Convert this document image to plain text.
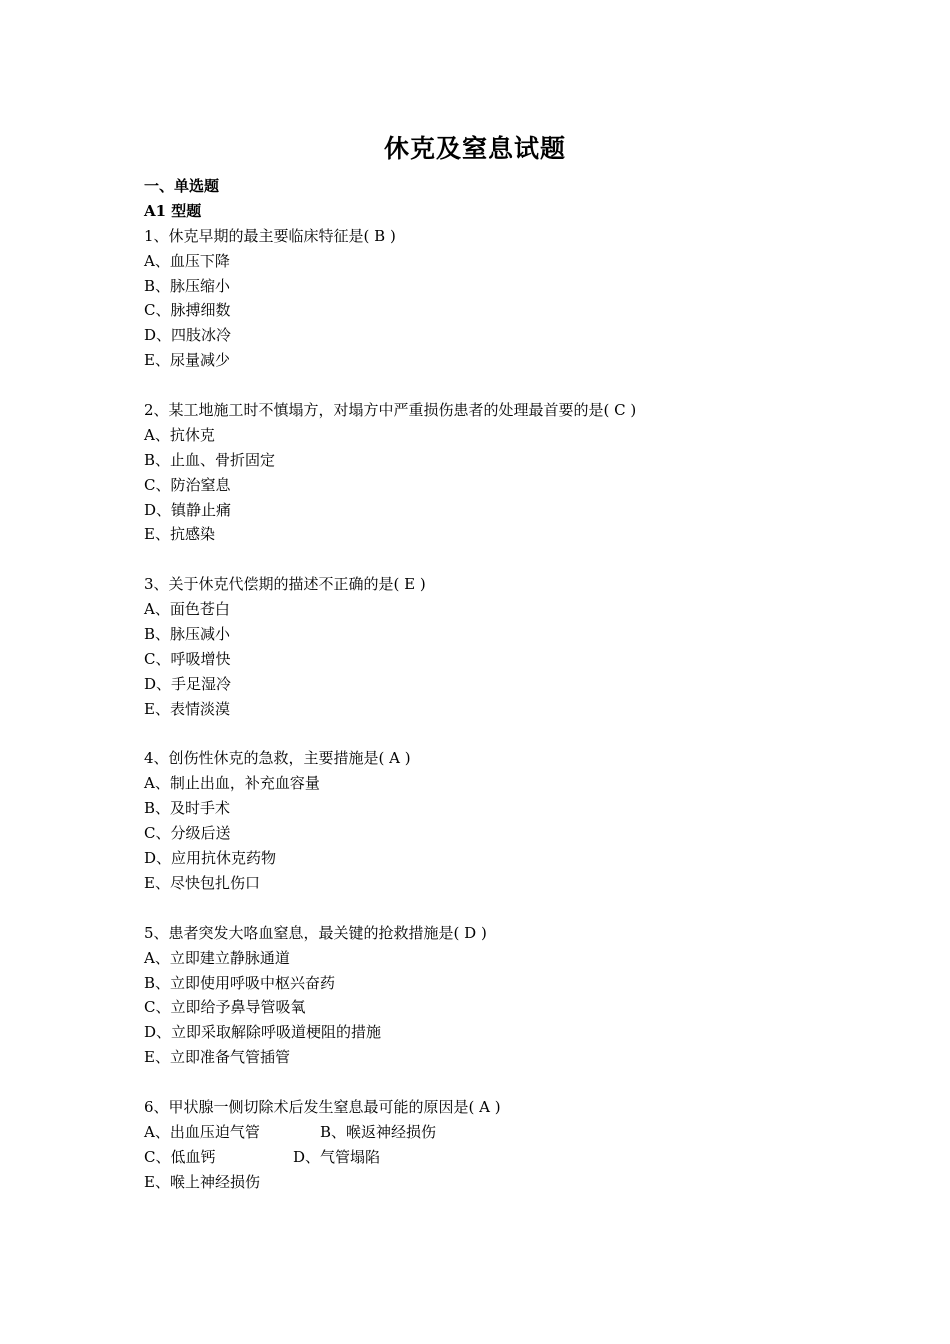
休克及窒息试题
一、单选题
A1 型题
1、休克早期的最主要临床特征是( B )
A、血压下降
B、脉压缩小
C、脉搏细数
D、四肢冰冷
E、尿量减少
2、某工地施工时不慎塌方，对塌方中严重损伤患者的处理最首要的是( C )
A、抗休克
B、止血、骨折固定
C、防治窒息
D、镇静止痛
E、抗感染
3、关于休克代偿期的描述不正确的是( E )
A、面色苍白
B、脉压减小
C、呼吸增快
D、手足湿冷
E、表情淡漠
4、创伤性休克的急救，主要措施是( A )
A、制止出血，补充血容量
B、及时手术
C、分级后送
D、应用抗休克药物
E、尽快包扎伤口
5、患者突发大咯血窒息，最关键的抢救措施是( D )
A、立即建立静脉通道
B、立即使用呼吸中枢兴奋药
C、立即给予鼻导管吸氧
D、立即采取解除呼吸道梗阻的措施
E、立即准备气管插管
6、甲状腺一侧切除术后发生窒息最可能的原因是( A )
A、出血压迫气管	B、喉返神经损伤
C、低血钙	D、气管塌陷
E、喉上神经损伤
